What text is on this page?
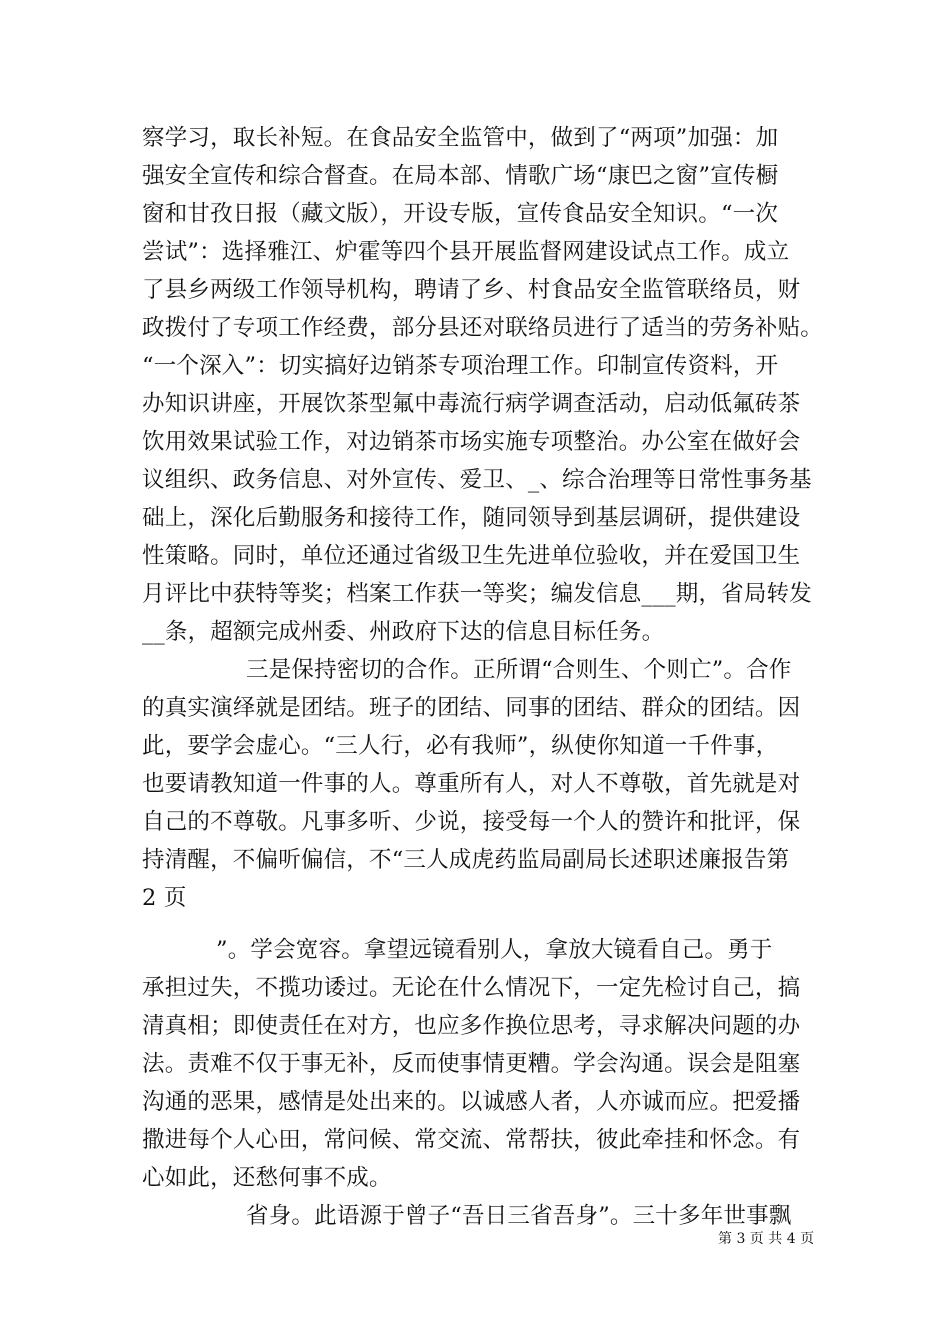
察学习，取长补短。在食品安全监管中，做到了“两项”加强：加
强安全宣传和综合督查。在局本部、情歌广场“康巴之窗”宣传橱
窗和甘孜日报（藏文版），开设专版，宣传食品安全知识。“一次
尝试”：选择雅江、炉霍等四个县开展监督网建设试点工作。成立
了县乡两级工作领导机构，聘请了乡、村食品安全监管联络员，财
政拨付了专项工作经费，部分县还对联络员进行了适当的劳务补贴。
“一个深入”：切实搞好边销茶专项治理工作。印制宣传资料，开
办知识讲座，开展饮茶型氟中毒流行病学调查活动，启动低氟砖茶
饮用效果试验工作，对边销茶市场实施专项整治。办公室在做好会
议组织、政务信息、对外宣传、爱卫、_、综合治理等日常性事务基
础上，深化后勤服务和接待工作，随同领导到基层调研，提供建设
性策略。同时，单位还通过省级卫生先进单位验收，并在爱国卫生
月评比中获特等奖；档案工作获一等奖；编发信息___期，省局转发
__条，超额完成州委、州政府下达的信息目标任务。
三是保持密切的合作。正所谓“合则生、个则亡”。合作
的真实演绎就是团结。班子的团结、同事的团结、群众的团结。因
此，要学会虚心。“三人行，必有我师”，纵使你知道一千件事，
也要请教知道一件事的人。尊重所有人，对人不尊敬，首先就是对
自己的不尊敬。凡事多听、少说，接受每一个人的赞许和批评，保
持清醒，不偏听偏信，不“三人成虎药监局副局长述职述廉报告第
2 页
”。学会宽容。拿望远镜看别人，拿放大镜看自己。勇于
承担过失，不揽功诿过。无论在什么情况下，一定先检讨自己，搞
清真相；即使责任在对方，也应多作换位思考，寻求解决问题的办
法。责难不仅于事无补，反而使事情更糟。学会沟通。误会是阻塞
沟通的恶果，感情是处出来的。以诚感人者，人亦诚而应。把爱播
撒进每个人心田，常问候、常交流、常帮扶，彼此牵挂和怀念。有
心如此，还愁何事不成。
省身。此语源于曾子“吾日三省吾身”。三十多年世事飘
第 3 页 共 4 页
